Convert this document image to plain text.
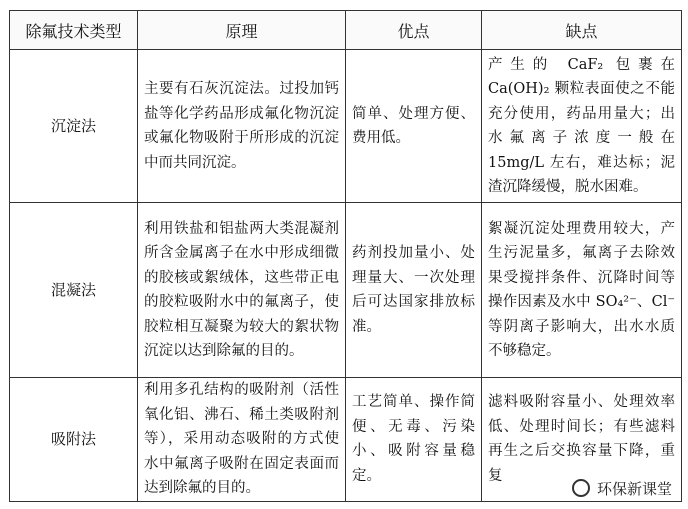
除氟技术类型	原理	优点	缺点
沉淀法	主要有石灰沉淀法。过投加钙盐等化学药品形成氟化物沉淀或氟化物吸附于所形成的沉淀中而共同沉淀。	简单、处理方便、费用低。	产生的 CaF₂ 包裹在 Ca(OH)₂ 颗粒表面使之不能充分使用，药品用量大；出水氟离子浓度一般在 15mg/L 左右，难达标；泥渣沉降缓慢，脱水困难。
混凝法	利用铁盐和铝盐两大类混凝剂所含金属离子在水中形成细微的胶核或絮绒体，这些带正电的胶粒吸附水中的氟离子，使胶粒相互凝聚为较大的絮状物沉淀以达到除氟的目的。	药剂投加量小、处理量大、一次处理后可达国家排放标准。	絮凝沉淀处理费用较大，产生污泥量多，氟离子去除效果受搅拌条件、沉降时间等操作因素及水中 SO₄²⁻、Cl⁻等阴离子影响大，出水水质不够稳定。
吸附法	利用多孔结构的吸附剂（活性氧化铝、沸石、稀土类吸附剂等），采用动态吸附的方式使水中氟离子吸附在固定表面而达到除氟的目的。	工艺简单、操作简便、无毒、污染小、吸附容量稳定。	滤料吸附容量小、处理效率低、处理时间长；有些滤料再生之后交换容量下降，重复
环保新课堂
